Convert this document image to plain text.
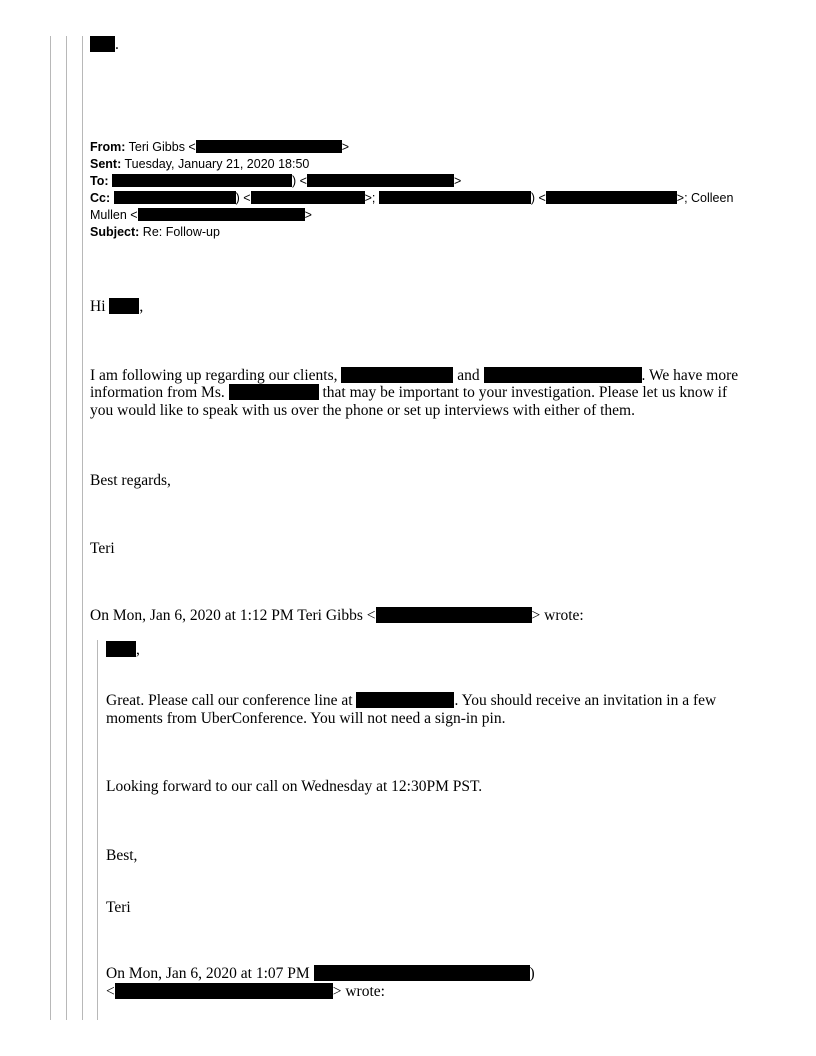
.
From: Teri Gibbs <	>
Sent: Tuesday, January 21, 2020 18:50
To:	) <	>
Cc:	) <	>;	) <	>; Colleen
Mullen <	>
Subject: Re: Follow-up
Hi ,
I am following up regarding our clients,	and	. We have more
information from Ms.	that may be important to your investigation. Please let us know if
you would like to speak with us over the phone or set up interviews with either of them.
Best regards,
Teri
On Mon, Jan 6, 2020 at 1:12 PM Teri Gibbs <	> wrote:
,
Great. Please call our conference line at	. You should receive an invitation in a few
moments from UberConference. You will not need a sign-in pin.
Looking forward to our call on Wednesday at 12:30PM PST.
Best,
Teri
On Mon, Jan 6, 2020 at 1:07 PM	)
<	> wrote:
